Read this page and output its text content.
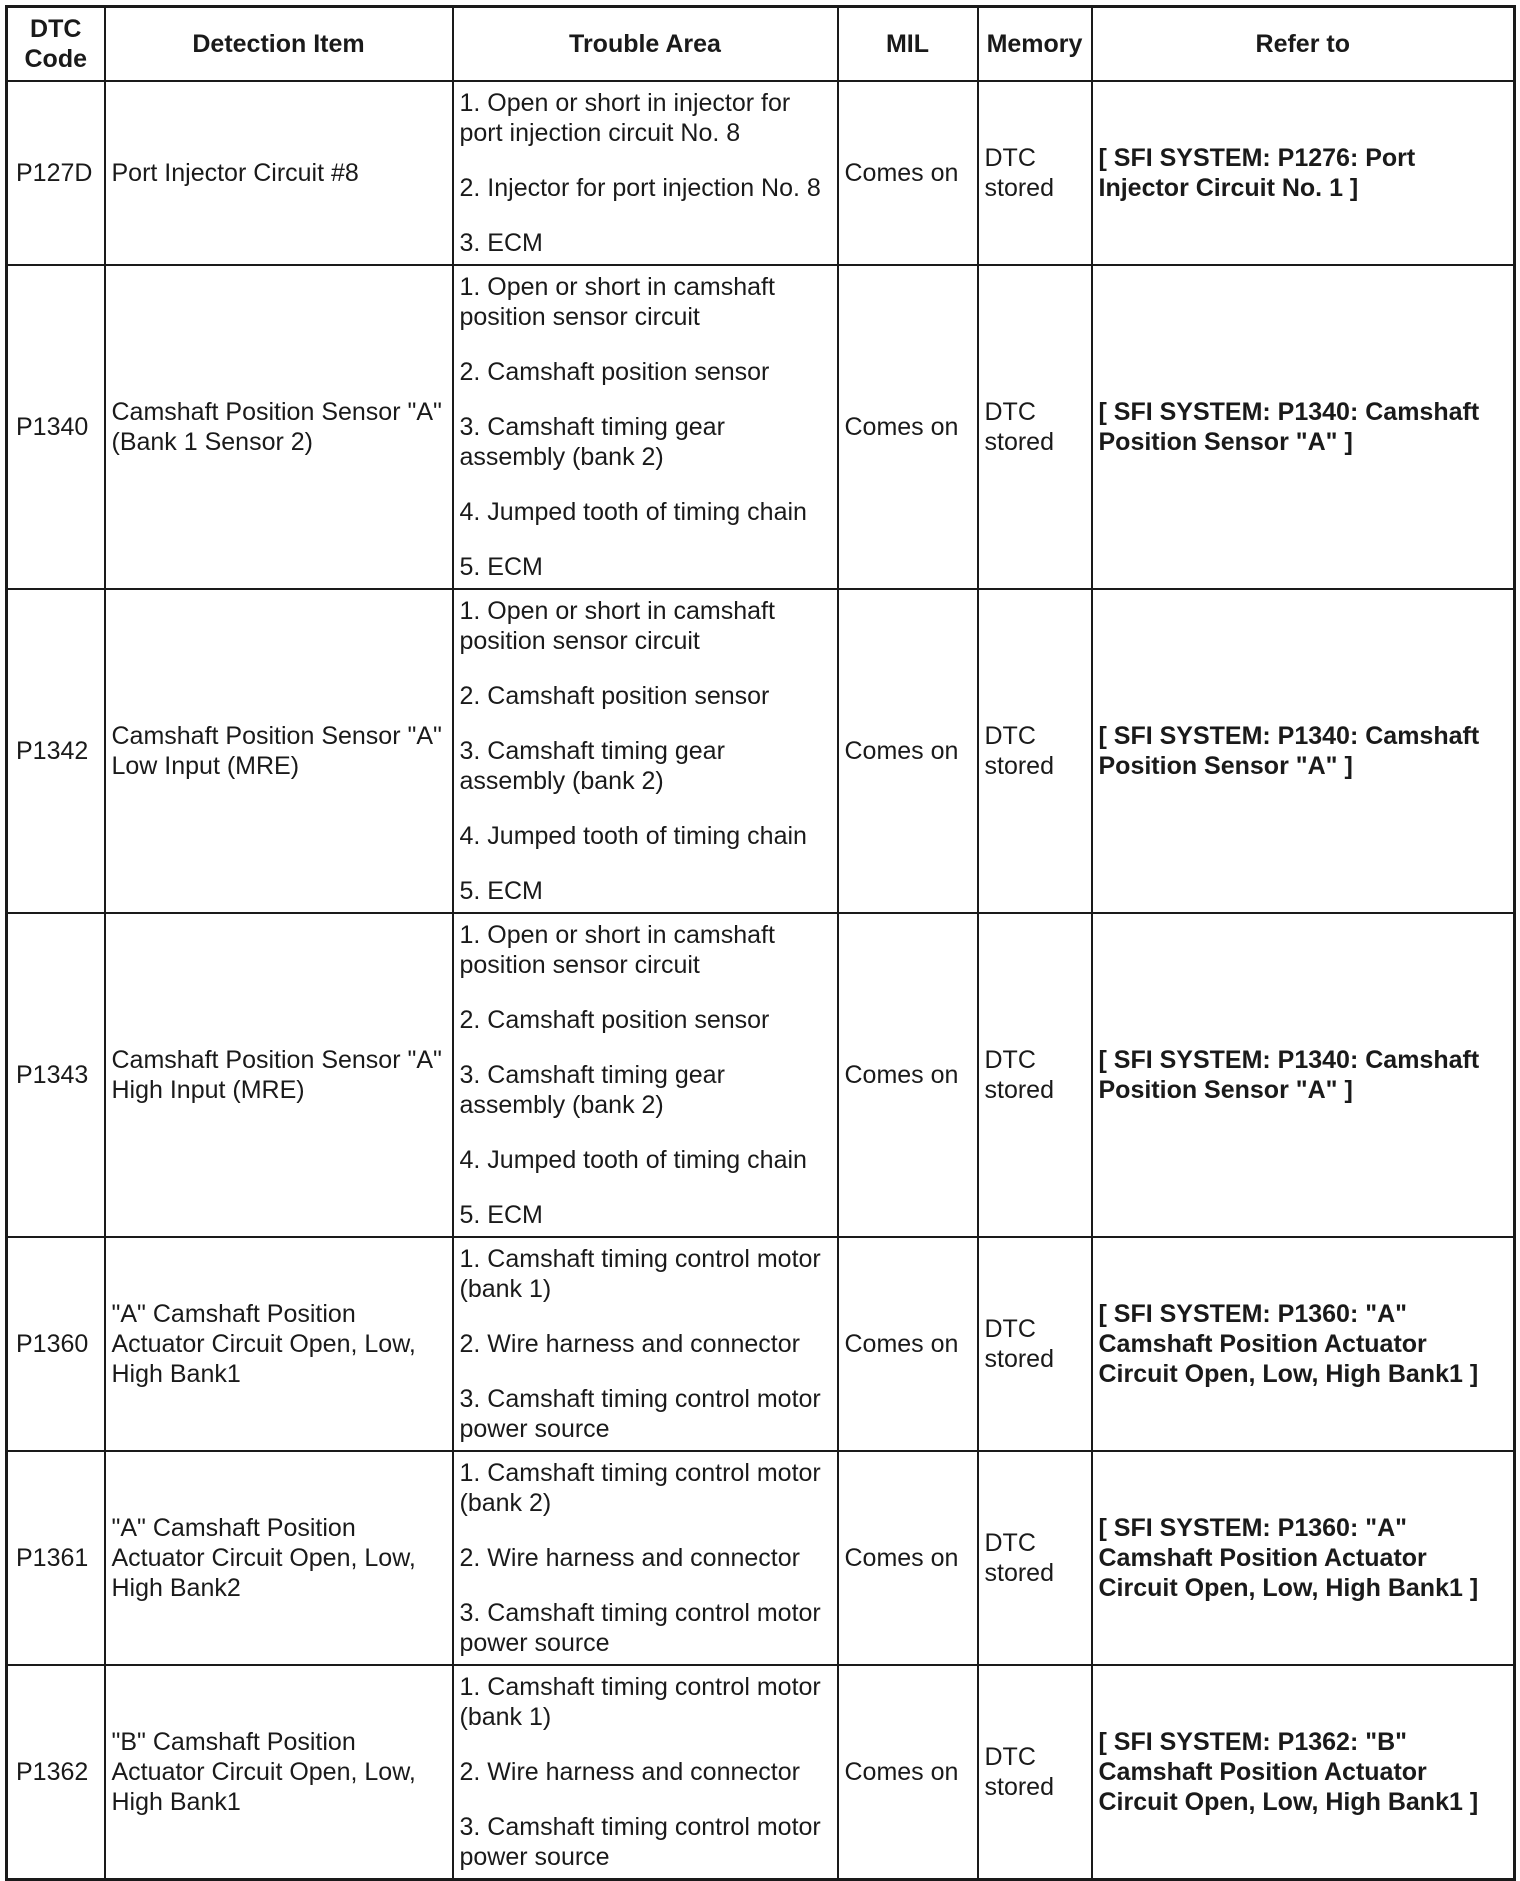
DTC
Code	Detection Item	Trouble Area	MIL	Memory	Refer to
P127D	Port Injector Circuit #8	1. Open or short in injector for port injection circuit No. 8
2. Injector for port injection No. 8
3. ECM	Comes on	DTC stored	[ SFI SYSTEM: P1276: Port Injector Circuit No. 1 ]
P1340	Camshaft Position Sensor "A" (Bank 1 Sensor 2)	1. Open or short in camshaft position sensor circuit
2. Camshaft position sensor
3. Camshaft timing gear assembly (bank 2)
4. Jumped tooth of timing chain
5. ECM	Comes on	DTC stored	[ SFI SYSTEM: P1340: Camshaft Position Sensor "A" ]
P1342	Camshaft Position Sensor "A" Low Input (MRE)	1. Open or short in camshaft position sensor circuit
2. Camshaft position sensor
3. Camshaft timing gear assembly (bank 2)
4. Jumped tooth of timing chain
5. ECM	Comes on	DTC stored	[ SFI SYSTEM: P1340: Camshaft Position Sensor "A" ]
P1343	Camshaft Position Sensor "A" High Input (MRE)	1. Open or short in camshaft position sensor circuit
2. Camshaft position sensor
3. Camshaft timing gear assembly (bank 2)
4. Jumped tooth of timing chain
5. ECM	Comes on	DTC stored	[ SFI SYSTEM: P1340: Camshaft Position Sensor "A" ]
P1360	"A" Camshaft Position Actuator Circuit Open, Low, High Bank1	1. Camshaft timing control motor (bank 1)
2. Wire harness and connector
3. Camshaft timing control motor power source	Comes on	DTC stored	[ SFI SYSTEM: P1360: "A" Camshaft Position Actuator Circuit Open, Low, High Bank1 ]
P1361	"A" Camshaft Position Actuator Circuit Open, Low, High Bank2	1. Camshaft timing control motor (bank 2)
2. Wire harness and connector
3. Camshaft timing control motor power source	Comes on	DTC stored	[ SFI SYSTEM: P1360: "A" Camshaft Position Actuator Circuit Open, Low, High Bank1 ]
P1362	"B" Camshaft Position Actuator Circuit Open, Low, High Bank1	1. Camshaft timing control motor (bank 1)
2. Wire harness and connector
3. Camshaft timing control motor power source	Comes on	DTC stored	[ SFI SYSTEM: P1362: "B" Camshaft Position Actuator Circuit Open, Low, High Bank1 ]
